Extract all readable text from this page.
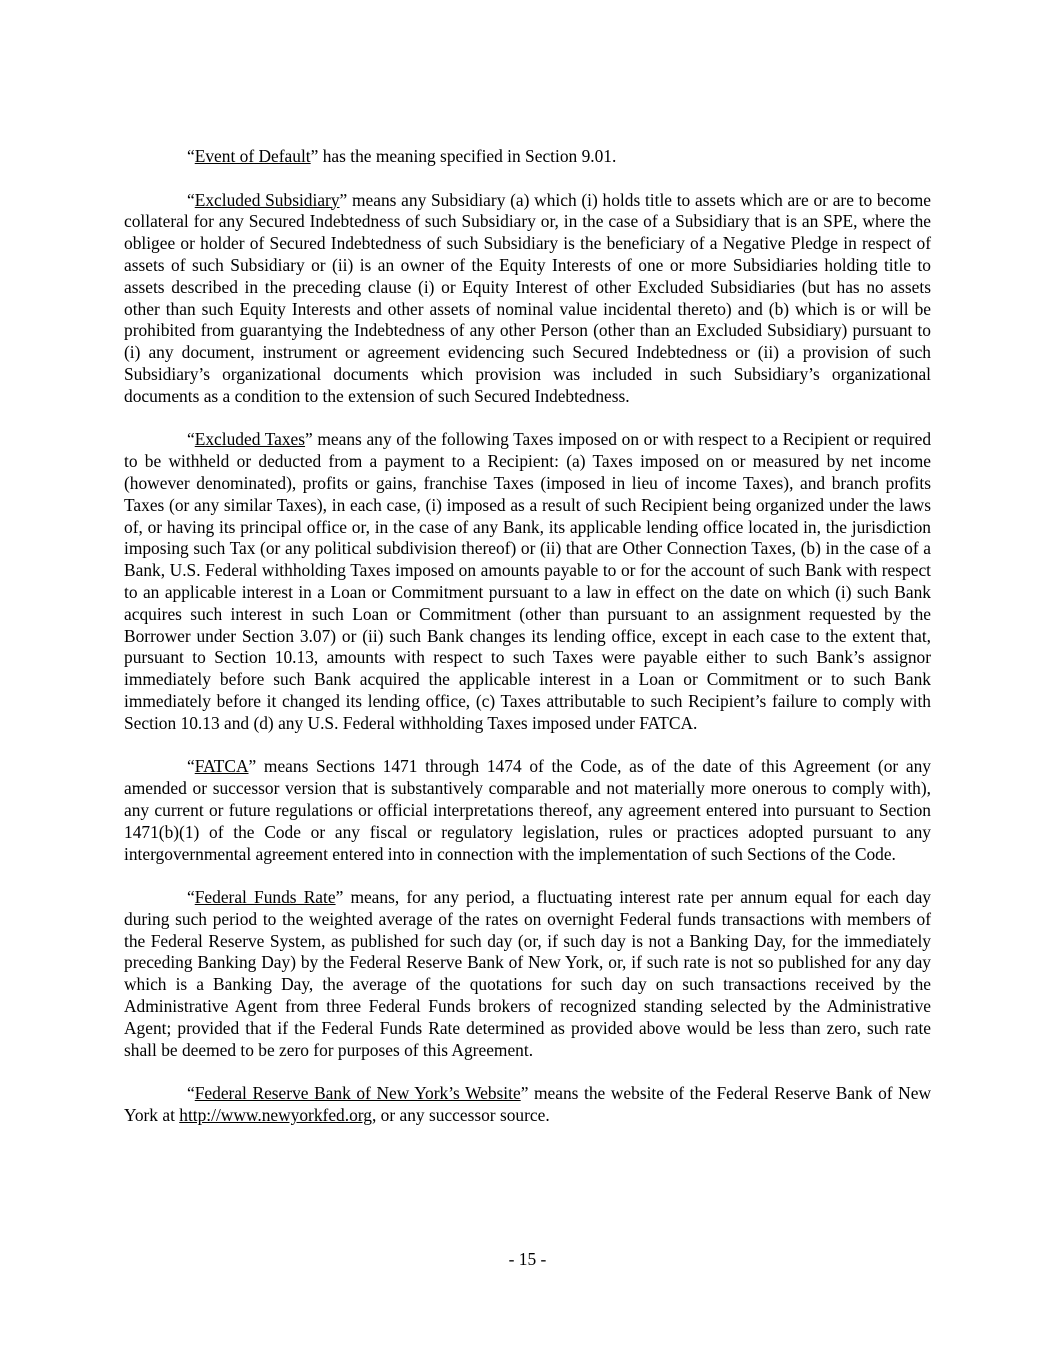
“Event of Default” has the meaning specified in Section 9.01.

“Excluded Subsidiary” means any Subsidiary (a) which (i) holds title to assets which are or are to become collateral for any Secured Indebtedness of such Subsidiary or, in the case of a Subsidiary that is an SPE, where the obligee or holder of Secured Indebtedness of such Subsidiary is the beneficiary of a Negative Pledge in respect of assets of such Subsidiary or (ii) is an owner of the Equity Interests of one or more Subsidiaries holding title to assets described in the preceding clause (i) or Equity Interest of other Excluded Subsidiaries (but has no assets other than such Equity Interests and other assets of nominal value incidental thereto) and (b) which is or will be prohibited from guarantying the Indebtedness of any other Person (other than an Excluded Subsidiary) pursuant to (i) any document, instrument or agreement evidencing such Secured Indebtedness or (ii) a provision of such Subsidiary’s organizational documents which provision was included in such Subsidiary’s organizational documents as a condition to the extension of such Secured Indebtedness.

“Excluded Taxes” means any of the following Taxes imposed on or with respect to a Recipient or required to be withheld or deducted from a payment to a Recipient: (a) Taxes imposed on or measured by net income (however denominated), profits or gains, franchise Taxes (imposed in lieu of income Taxes), and branch profits Taxes (or any similar Taxes), in each case, (i) imposed as a result of such Recipient being organized under the laws of, or having its principal office or, in the case of any Bank, its applicable lending office located in, the jurisdiction imposing such Tax (or any political subdivision thereof) or (ii) that are Other Connection Taxes, (b) in the case of a Bank, U.S. Federal withholding Taxes imposed on amounts payable to or for the account of such Bank with respect to an applicable interest in a Loan or Commitment pursuant to a law in effect on the date on which (i) such Bank acquires such interest in such Loan or Commitment (other than pursuant to an assignment requested by the Borrower under Section 3.07) or (ii) such Bank changes its lending office, except in each case to the extent that, pursuant to Section 10.13, amounts with respect to such Taxes were payable either to such Bank’s assignor immediately before such Bank acquired the applicable interest in a Loan or Commitment or to such Bank immediately before it changed its lending office, (c) Taxes attributable to such Recipient’s failure to comply with Section 10.13 and (d) any U.S. Federal withholding Taxes imposed under FATCA.

“FATCA” means Sections 1471 through 1474 of the Code, as of the date of this Agreement (or any amended or successor version that is substantively comparable and not materially more onerous to comply with), any current or future regulations or official interpretations thereof, any agreement entered into pursuant to Section 1471(b)(1) of the Code or any fiscal or regulatory legislation, rules or practices adopted pursuant to any intergovernmental agreement entered into in connection with the implementation of such Sections of the Code.

“Federal Funds Rate” means, for any period, a fluctuating interest rate per annum equal for each day during such period to the weighted average of the rates on overnight Federal funds transactions with members of the Federal Reserve System, as published for such day (or, if such day is not a Banking Day, for the immediately preceding Banking Day) by the Federal Reserve Bank of New York, or, if such rate is not so published for any day which is a Banking Day, the average of the quotations for such day on such transactions received by the Administrative Agent from three Federal Funds brokers of recognized standing selected by the Administrative Agent; provided that if the Federal Funds Rate determined as provided above would be less than zero, such rate shall be deemed to be zero for purposes of this Agreement.

“Federal Reserve Bank of New York’s Website” means the website of the Federal Reserve Bank of New York at http://www.newyorkfed.org, or any successor source.

- 15 -
